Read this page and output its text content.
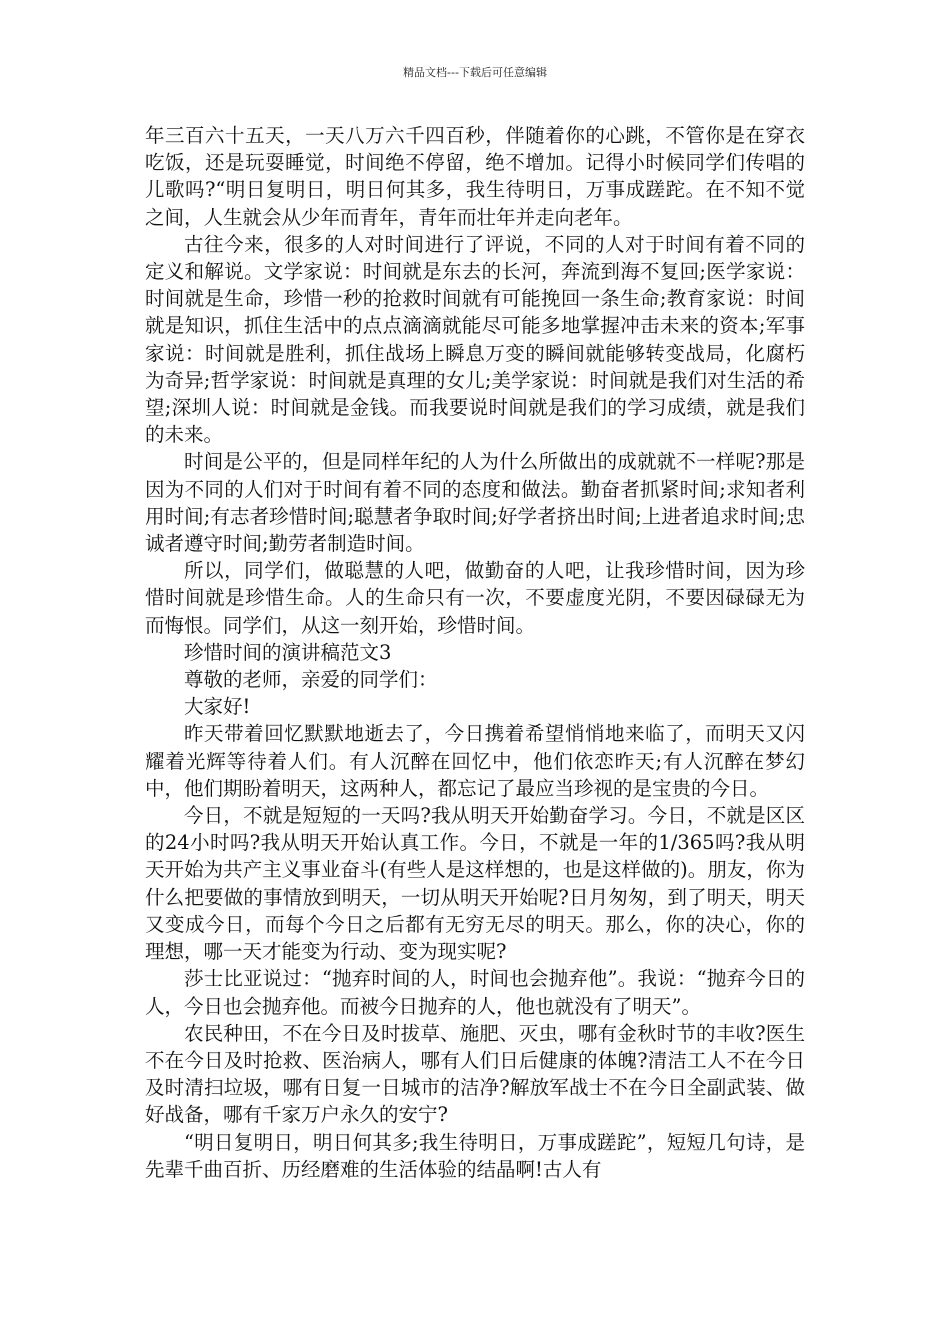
精品文档---下载后可任意编辑

年三百六十五天，一天八万六千四百秒，伴随着你的心跳，不管你是在穿衣吃饭，还是玩耍睡觉，时间绝不停留，绝不增加。记得小时候同学们传唱的儿歌吗?“明日复明日，明日何其多，我生待明日，万事成蹉跎。在不知不觉之间，人生就会从少年而青年，青年而壮年并走向老年。

古往今来，很多的人对时间进行了评说，不同的人对于时间有着不同的定义和解说。文学家说：时间就是东去的长河，奔流到海不复回;医学家说：时间就是生命，珍惜一秒的抢救时间就有可能挽回一条生命;教育家说：时间就是知识，抓住生活中的点点滴滴就能尽可能多地掌握冲击未来的资本;军事家说：时间就是胜利，抓住战场上瞬息万变的瞬间就能够转变战局，化腐朽为奇异;哲学家说：时间就是真理的女儿;美学家说：时间就是我们对生活的希望;深圳人说：时间就是金钱。而我要说时间就是我们的学习成绩，就是我们的未来。

时间是公平的，但是同样年纪的人为什么所做出的成就就不一样呢?那是因为不同的人们对于时间有着不同的态度和做法。勤奋者抓紧时间;求知者利用时间;有志者珍惜时间;聪慧者争取时间;好学者挤出时间;上进者追求时间;忠诚者遵守时间;勤劳者制造时间。

所以，同学们，做聪慧的人吧，做勤奋的人吧，让我珍惜时间，因为珍惜时间就是珍惜生命。人的生命只有一次，不要虚度光阴，不要因碌碌无为而悔恨。同学们，从这一刻开始，珍惜时间。

珍惜时间的演讲稿范文3

尊敬的老师，亲爱的同学们：

大家好!

昨天带着回忆默默地逝去了，今日携着希望悄悄地来临了，而明天又闪耀着光辉等待着人们。有人沉醉在回忆中，他们依恋昨天;有人沉醉在梦幻中，他们期盼着明天，这两种人，都忘记了最应当珍视的是宝贵的今日。

今日，不就是短短的一天吗?我从明天开始勤奋学习。今日，不就是区区的24小时吗?我从明天开始认真工作。今日，不就是一年的1/365吗?我从明天开始为共产主义事业奋斗(有些人是这样想的，也是这样做的)。朋友，你为什么把要做的事情放到明天，一切从明天开始呢?日月匆匆，到了明天，明天又变成今日，而每个今日之后都有无穷无尽的明天。那么，你的决心，你的理想，哪一天才能变为行动、变为现实呢?

莎士比亚说过：“抛弃时间的人，时间也会抛弃他”。我说：“抛弃今日的人，今日也会抛弃他。而被今日抛弃的人，他也就没有了明天”。

农民种田，不在今日及时拔草、施肥、灭虫，哪有金秋时节的丰收?医生不在今日及时抢救、医治病人，哪有人们日后健康的体魄?清洁工人不在今日及时清扫垃圾，哪有日复一日城市的洁净?解放军战士不在今日全副武装、做好战备，哪有千家万户永久的安宁?

“明日复明日，明日何其多;我生待明日，万事成蹉跎”，短短几句诗，是先辈千曲百折、历经磨难的生活体验的结晶啊!古人有
